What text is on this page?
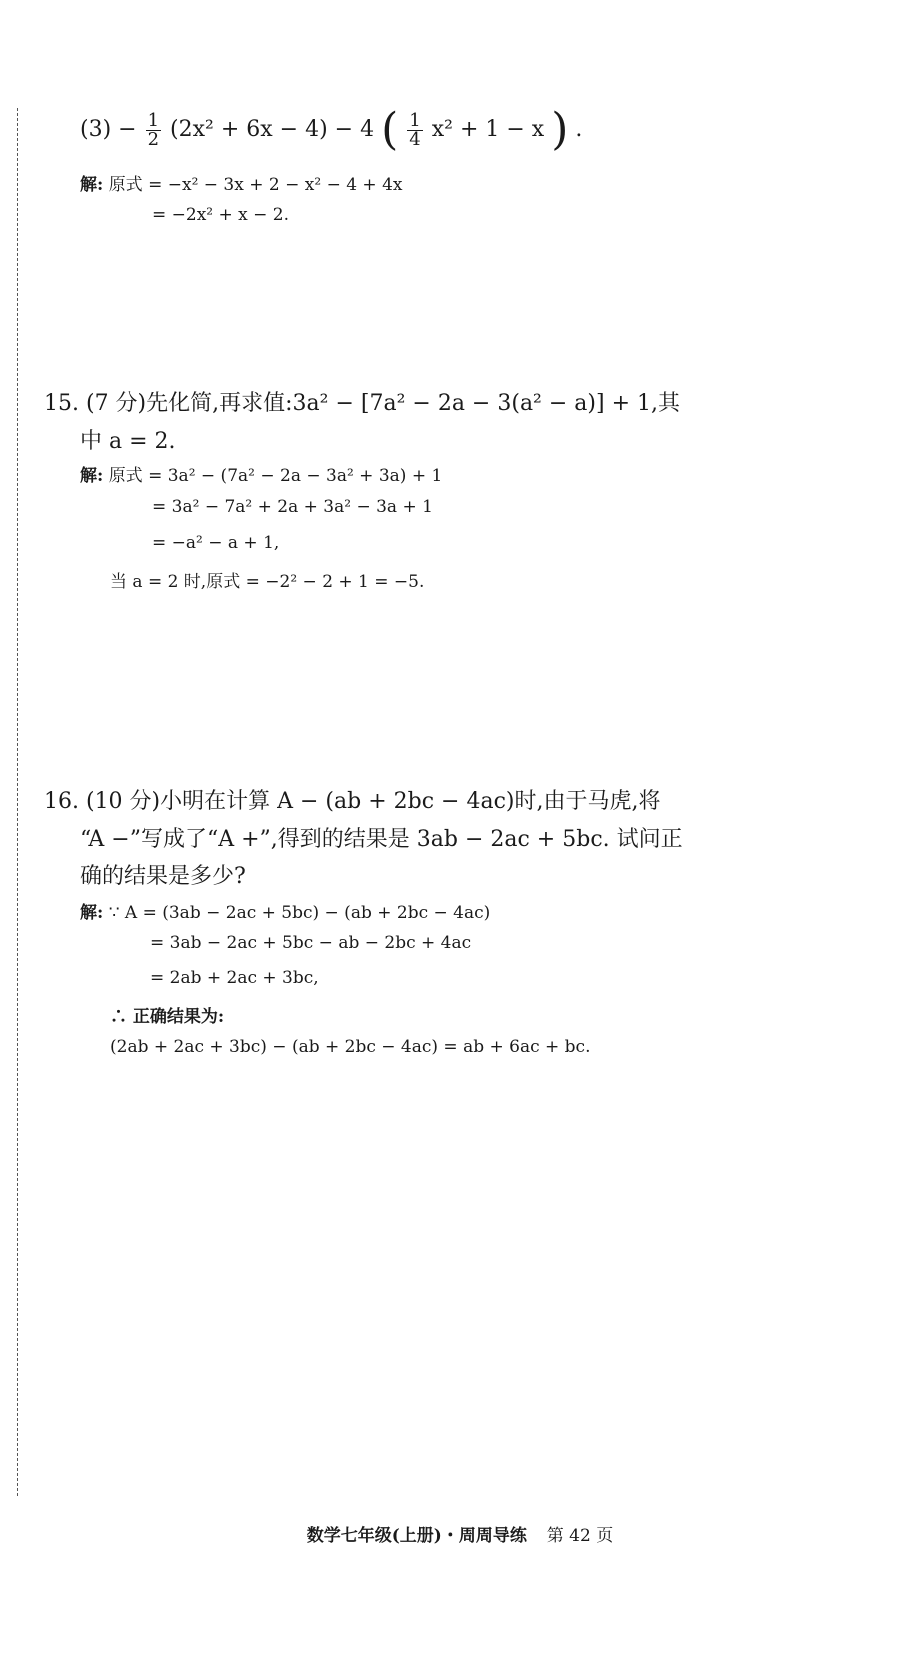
$(3) - \frac{1}{2} (2x^2 + 6x - 4) - 4$ ( $\frac{1}{4} x^2 + 1 - x$ ) .
解: 原式 = −x² − 3x + 2 − x² − 4 + 4x
= −2x² + x − 2.
15. (7 分)先化简,再求值:3a² − [7a² − 2a − 3(a² − a)] + 1,其
中 a = 2.
解: 原式 = 3a² − (7a² − 2a − 3a² + 3a) + 1
= 3a² − 7a² + 2a + 3a² − 3a + 1
= −a² − a + 1,
当 a = 2 时,原式 = −2² − 2 + 1 = −5.
16. (10 分)小明在计算 A − (ab + 2bc − 4ac)时,由于马虎,将
“A −”写成了“A +”,得到的结果是 3ab − 2ac + 5bc. 试问正
确的结果是多少?
解: ∵ A = (3ab − 2ac + 5bc) − (ab + 2bc − 4ac)
= 3ab − 2ac + 5bc − ab − 2bc + 4ac
= 2ab + 2ac + 3bc,
∴ 正确结果为:
(2ab + 2ac + 3bc) − (ab + 2bc − 4ac) = ab + 6ac + bc.
数学七年级(上册)・周周导练 第 42 页
